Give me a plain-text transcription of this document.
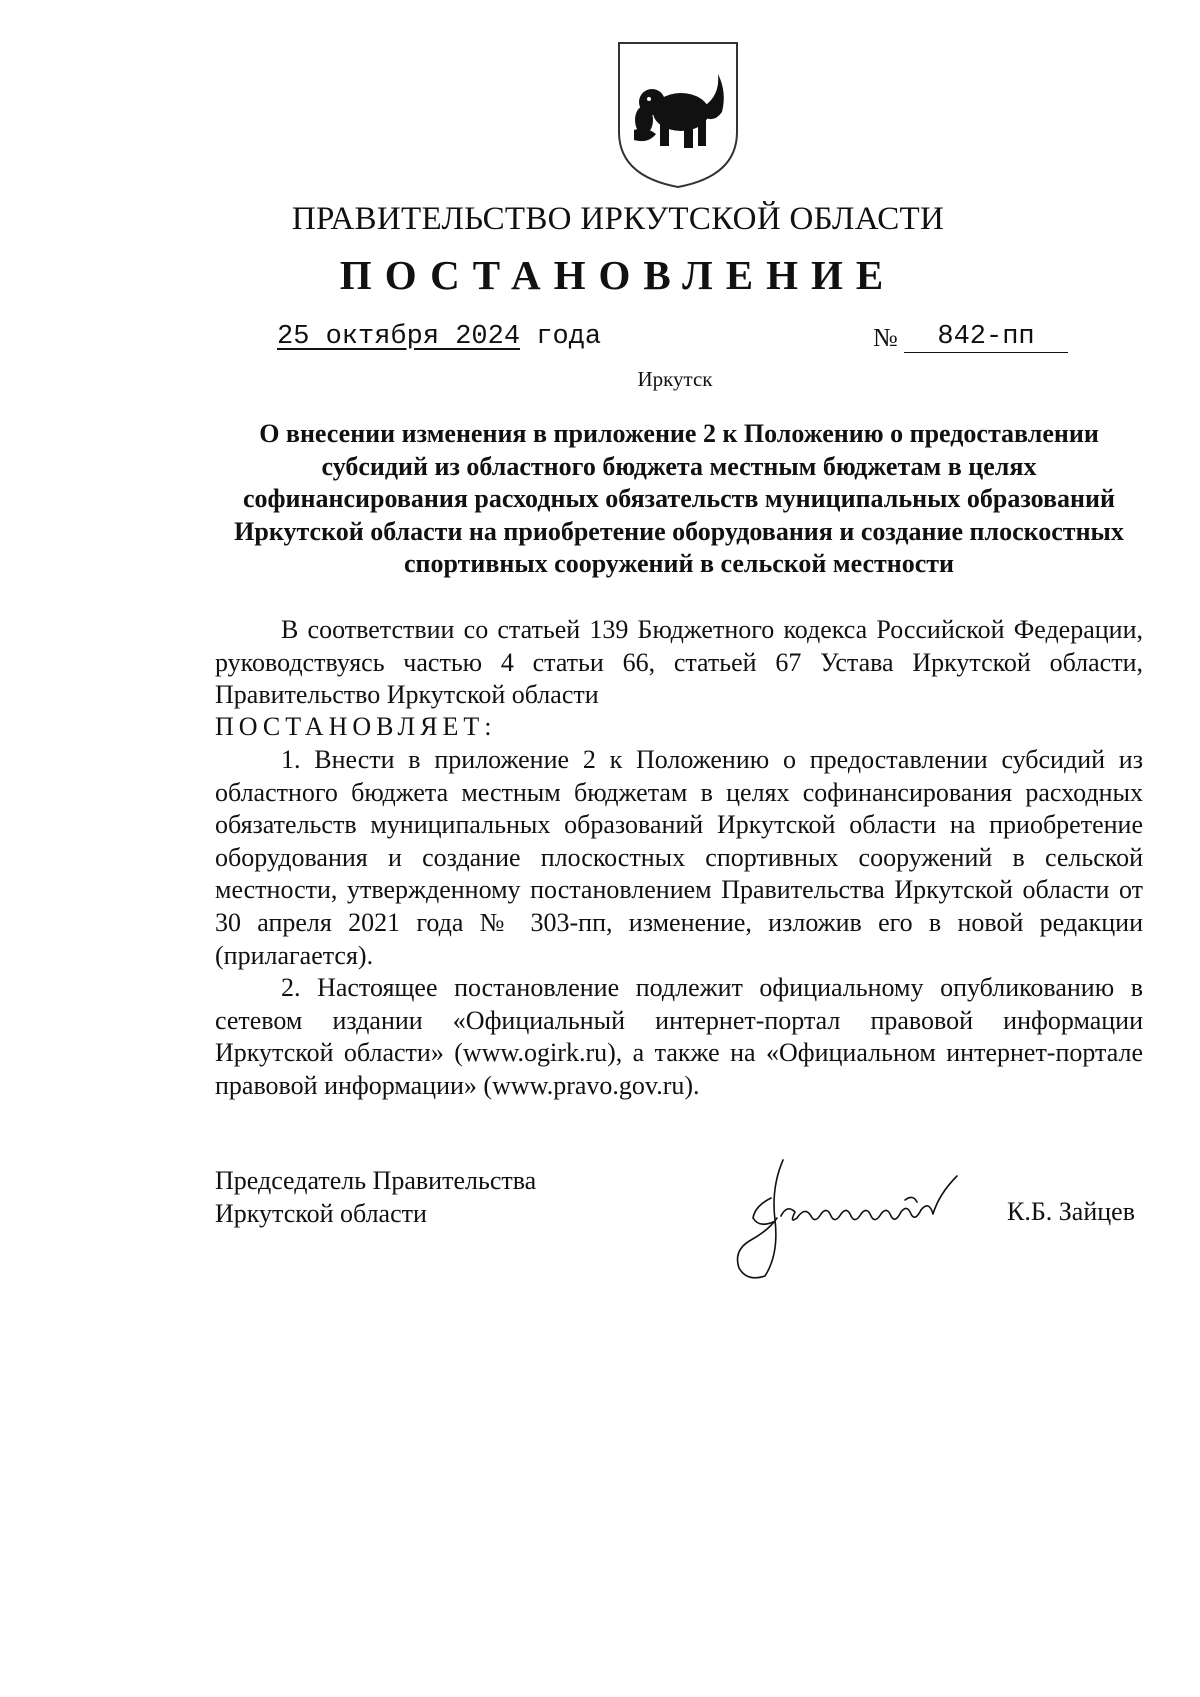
ПРАВИТЕЛЬСТВО ИРКУТСКОЙ ОБЛАСТИ
ПОСТАНОВЛЕНИЕ
25 октября 2024 года	№	842-пп
Иркутск
О внесении изменения в приложение 2 к Положению о предоставлении субсидий из областного бюджета местным бюджетам в целях софинансирования расходных обязательств муниципальных образований Иркутской области на приобретение оборудования и создание плоскостных спортивных сооружений в сельской местности

В соответствии со статьей 139 Бюджетного кодекса Российской Федерации, руководствуясь частью 4 статьи 66, статьей 67 Устава Иркутской области, Правительство Иркутской области

ПОСТАНОВЛЯЕТ:

1. Внести в приложение 2 к Положению о предоставлении субсидий из областного бюджета местным бюджетам в целях софинансирования расходных обязательств муниципальных образований Иркутской области на приобретение оборудования и создание плоскостных спортивных сооружений в сельской местности, утвержденному постановлением Правительства Иркутской области от 30 апреля 2021 года № 303-пп, изменение, изложив его в новой редакции (прилагается).

2. Настоящее постановление подлежит официальному опубликованию в сетевом издании «Официальный интернет-портал правовой информации Иркутской области» (www.ogirk.ru), а также на «Официальном интернет-портале правовой информации» (www.pravo.gov.ru).

Председатель Правительства
Иркутской области	К.Б. Зайцев
